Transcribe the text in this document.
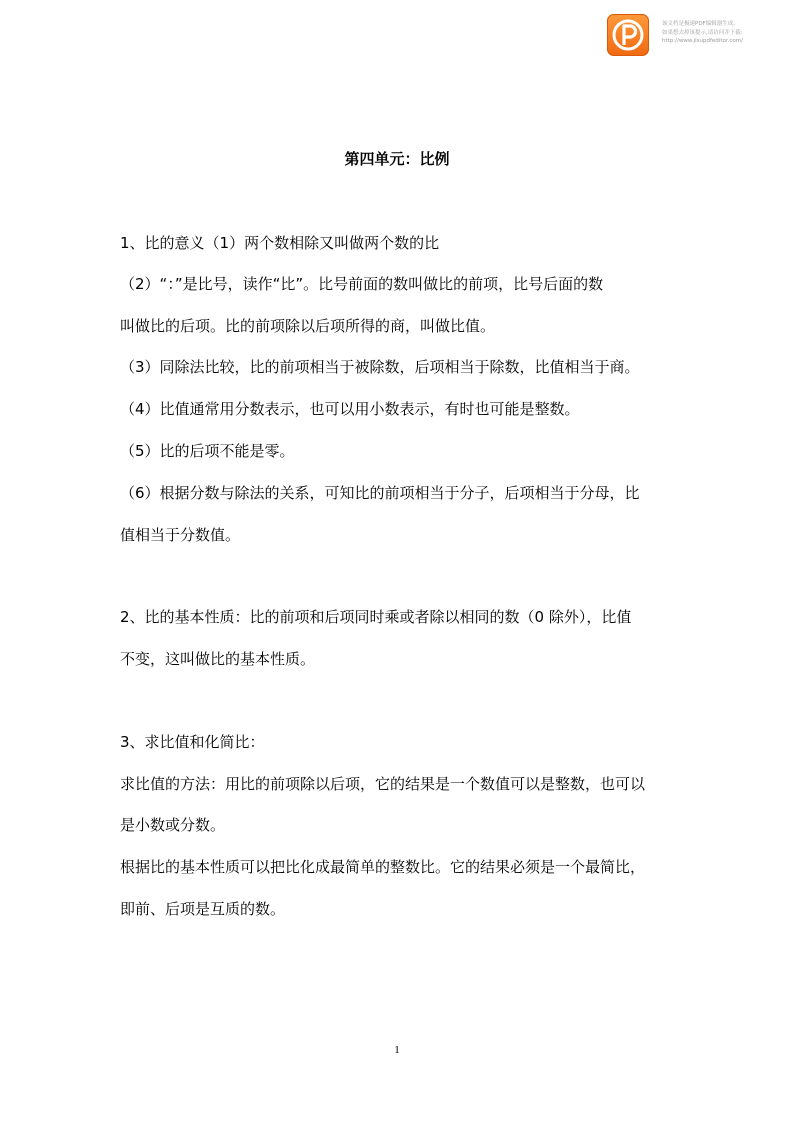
该文档是极速PDF编辑器生成,
如果想去掉该提示,请访问并下载:
http://www.jisupdfeditor.com/
第四单元：比例
1、比的意义（1）两个数相除又叫做两个数的比
（2）“：”是比号，读作“比”。比号前面的数叫做比的前项，比号后面的数
叫做比的后项。比的前项除以后项所得的商，叫做比值。
（3）同除法比较，比的前项相当于被除数，后项相当于除数，比值相当于商。
（4）比值通常用分数表示，也可以用小数表示，有时也可能是整数。
（5）比的后项不能是零。
（6）根据分数与除法的关系，可知比的前项相当于分子，后项相当于分母，比
值相当于分数值。
2、比的基本性质：比的前项和后项同时乘或者除以相同的数（0 除外），比值
不变，这叫做比的基本性质。
3、求比值和化简比：
求比值的方法：用比的前项除以后项，它的结果是一个数值可以是整数，也可以
是小数或分数。
根据比的基本性质可以把比化成最简单的整数比。它的结果必须是一个最简比，
即前、后项是互质的数。
1
